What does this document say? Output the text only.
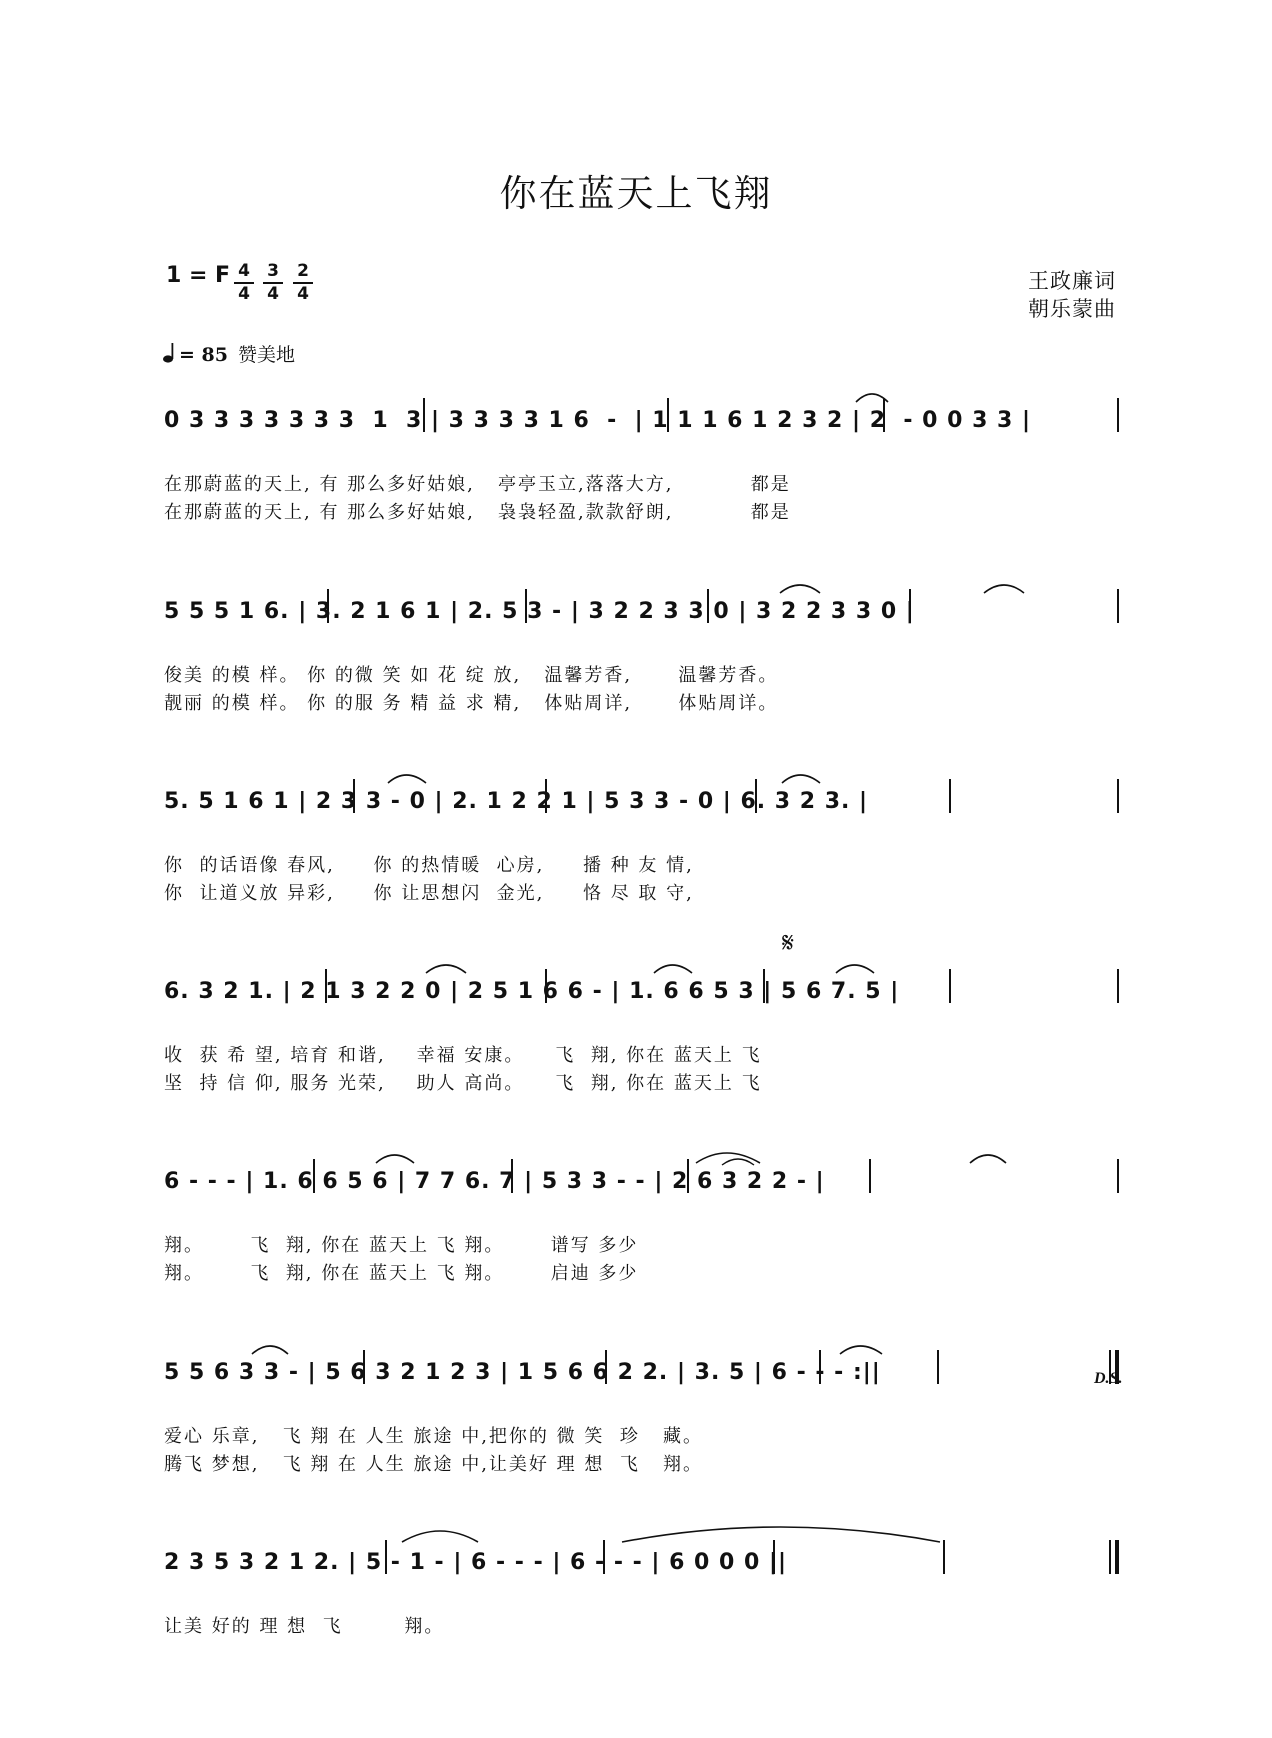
你在蓝天上飞翔
1 = F 4
4
3
4
2
4
王政廉词
朝乐蒙曲
= 85 赞美地
0 3 3 3 3 3 3 3  1  3 | 3 3 3 3 1 6  -  | 1 1 1 6 1 2 3 2 | 2  - 0 0 3 3 |
在那蔚蓝的天上, 有 那么多好姑娘,   亭亭玉立,落落大方,          都是
在那蔚蓝的天上, 有 那么多好姑娘,   袅袅轻盈,款款舒朗,          都是
5 5 5 1 6. | 3. 2 1 6 1 | 2. 5 3 - | 3 2 2 3 3 0 | 3 2 2 3 3 0 |
俊美 的模 样。 你 的微 笑 如 花 绽 放,   温馨芳香,      温馨芳香。
靓丽 的模 样。 你 的服 务 精 益 求 精,   体贴周详,      体贴周详。
5. 5 1 6 1 | 2 3 3 - 0 | 2. 1 2 2 1 | 5 3 3 - 0 | 6. 3 2 3. |
你  的话语像 春风,     你 的热情暖  心房,     播 种 友 情,
你  让道义放 异彩,     你 让思想闪  金光,     恪 尽 取 守,
𝄋
6. 3 2 1. | 2 1 3 2 2 0 | 2 5 1 6 6 - | 1. 6 6 5 3 | 5 6 7. 5 |
收  获 希 望, 培育 和谐,    幸福 安康。    飞  翔, 你在 蓝天上 飞
坚  持 信 仰, 服务 光荣,    助人 高尚。    飞  翔, 你在 蓝天上 飞
6 - - - | 1. 6 6 5 6 | 7 7 6. 7 | 5 3 3 - - | 2 6 3 2 2 - |
翔。      飞  翔, 你在 蓝天上 飞 翔。      谱写 多少
翔。      飞  翔, 你在 蓝天上 飞 翔。      启迪 多少
5 5 6 3 3 - | 5 6 3 2 1 2 3 | 1 5 6 6 2 2. | 3. 5 | 6 - - - :||
爱心 乐章,   飞 翔 在 人生 旅途 中,把你的 微 笑  珍   藏。
腾飞 梦想,   飞 翔 在 人生 旅途 中,让美好 理 想  飞   翔。
D.S.
2 3 5 3 2 1 2. | 5 - 1 - | 6 - - - | 6 - - - | 6 0 0 0 ||
让美 好的 理 想  飞        翔。
